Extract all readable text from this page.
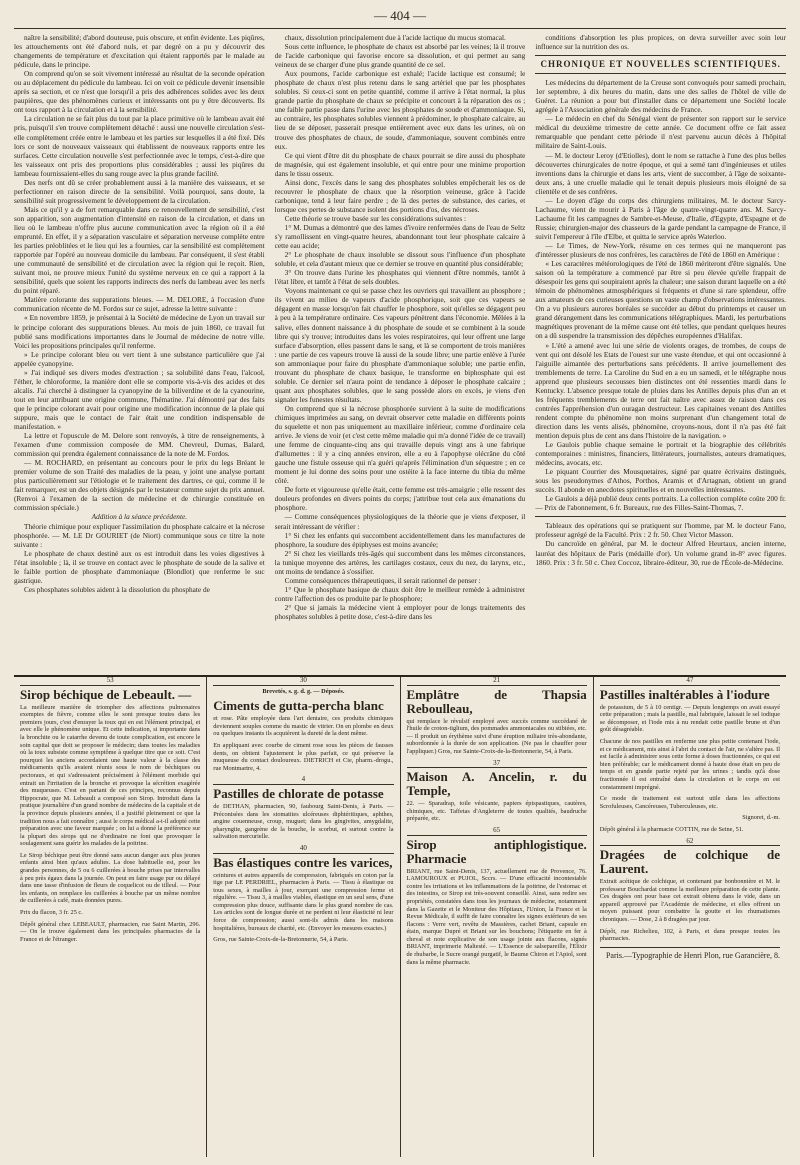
— 404 —

naître la sensibilité; d'abord douteuse, puis obscure, et enfin évidente. Les piqûres, les attouchements ont été d'abord nuls, et par degré on a pu y découvrir des changements de température et d'excitation qui étaient rapportés par le malade au pédicule, dans le principe.

On comprend qu'on se soit vivement intéressé au résultat de la seconde opération ou au déplacement du pédicule du lambeau. Ici on voit ce pédicule devenir insensible après sa section, et ce n'est que lorsqu'il a pris des adhérences solides avec les deux paupières, que des phénomènes curieux et intéressants ont pu y être découverts. Ils ont tous rapport à la circulation et à la sensibilité.

La circulation ne se fait plus du tout par la place primitive où le lambeau avait été pris, puisqu'il s'en trouve complètement détaché : aussi une nouvelle circulation s'est-elle complètement créée entre le lambeau et les parties sur lesquelles il a été fixé. Dès lors ce sont de nouveaux vaisseaux qui établissent de nouveaux rapports entre les surfaces. Cette circulation nouvelle s'est perfectionnée avec le temps, c'est-à-dire que les vaisseaux ont pris des proportions plus considérables ; aussi les piqûres du lambeau fournissaient-elles du sang rouge avec la plus grande facilité.

Des nerfs ont dû se créer probablement aussi à la manière des vaisseaux, et se perfectionner en raison directe de la sensibilité. Voilà pourquoi, sans doute, la sensibilité suit progressivement le développement de la circulation.

Mais ce qu'il y a de fort remarquable dans ce renouvellement de sensibilité, c'est son apparition, son augmentation d'intensité en raison de la circulation, et dans un lieu où le lambeau n'offre plus aucune communication avec la région où il a été emprunté. En effet, il y a séparation vasculaire et séparation nerveuse complète entre les parties préoblitées et le lieu qui les a fournies, car la sensibilité est complètement rapportée par l'opéré au nouveau domicile du lambeau. Par conséquent, il s'est établi une communauté de sensibilité et de circulation avec la région qui le reçoit. Rien, suivant moi, ne prouve mieux l'unité du système nerveux en ce qui a rapport à la sensibilité, quels que soient les rapports indirects des nerfs du lambeau avec les nerfs du point réparé.

Matière colorante des suppurations bleues. — M. DELORE, à l'occasion d'une communication récente de M. Fordos sur ce sujet, adresse la lettre suivante :

« En novembre 1859, je présentai à la Société de médecine de Lyon un travail sur le principe colorant des suppurations bleues. Au mois de juin 1860, ce travail fut publié sans modifications importantes dans le Journal de médecine de notre ville. Voici les propositions principales qu'il renferme.

» Le principe colorant bleu ou vert tient à une substance particulière que j'ai appelée cyanopyine.

» J'ai indiqué ses divers modes d'extraction ; sa solubilité dans l'eau, l'alcool, l'éther, le chloroforme, la manière dont elle se comporte vis-à-vis des acides et des alcalis. J'ai cherché à distinguer la cyanopyine de la biliverdine et de la cyanourine, tout en leur attribuant une origine commune, l'hématine. J'ai démontré par des faits que le principe colorant avait pour origine une modification inconnue de la plaie qui suppure, mais que le contact de l'air était une condition indispensable de manifestation. »

La lettre et l'opuscule de M. Delore sont renvoyés, à titre de renseignements, à l'examen d'une commission composée de MM. Chevreul, Dumas, Balard, commission qui prendra également connaissance de la note de M. Fordos.

— M. ROCHARD, en présentant au concours pour le prix du legs Bréant le premier volume de son Traité des maladies de la peau, y joint une analyse portant plus particulièrement sur l'étiologie et le traitement des dartres, ce qui, comme il le fait remarquer, est un des objets désignés par le testateur comme sujet du prix annuel. (Renvoi à l'examen de la section de médecine et de chirurgie constituée en commission spéciale.)

Addition à la séance précédente.

Théorie chimique pour expliquer l'assimilation du phosphate calcaire et la nécrose phosphorée. — M. LE Dr GOURIET (de Niort) communique sous ce titre la note suivante :

Le phosphate de chaux destiné aux os est introduit dans les voies digestives à l'état insoluble ; là, il se trouve en contact avec le phosphate de soude de la salive et le faible portion de phosphate d'ammoniaque (Blondlot) que renferme le suc gastrique.

Ces phosphates solubles aident à la dissolution du phosphate de

chaux, dissolution principalement due à l'acide lactique du mucus stomacal.

Sous cette influence, le phosphate de chaux est absorbé par les veines; là il trouve de l'acide carbonique qui favorise encore sa dissolution, et qui permet au sang veineux de se charger d'une plus grande quantité de ce sel.

Aux poumons, l'acide carbonique est exhalé; l'acide lactique est consumé; le phosphate de chaux n'est plus retenu dans le sang artériel que par les phosphates solubles. Si ceux-ci sont en petite quantité, comme il arrive à l'état normal, la plus grande partie du phosphate de chaux se précipite et concourt à la réparation des os ; une faible partie passe dans l'urine avec les phosphates de soude et d'ammoniaque. Si, au contraire, les phosphates solubles viennent à prédominer, le phosphate calcaire, au lieu de se déposer, passerait presque entièrement avec eux dans les urines, où on trouve des phosphates de chaux, de soude, d'ammoniaque, souvent combinés entre eux.

Ce qui vient d'être dit du phosphate de chaux pourrait se dire aussi du phosphate de magnésie, qui est également insoluble, et qui entre pour une minime proportion dans le tissu osseux.

Ainsi donc, l'excès dans le sang des phosphates solubles empêcherait les os de recouvrer le phosphate de chaux que la résorption veineuse, grâce à l'acide carbonique, tend à leur faire perdre ; de là des pertes de substance, des caries, et lorsque ces pertes de substance isolent des portions d'os, des nécroses.

Cette théorie se trouve basée sur les considérations suivantes :

1° M. Dumas a démontré que des lames d'ivoire renfermées dans de l'eau de Seltz s'y ramollissent en vingt-quatre heures, abandonnant tout leur phosphate calcaire à cette eau acide;

2° Le phosphate de chaux insoluble se dissout sous l'influence d'un phosphate soluble, et cela d'autant mieux que ce dernier se trouve en quantité plus considérable;

3° On trouve dans l'urine les phosphates qui viennent d'être nommés, tantôt à l'état libre, et tantôt à l'état de sels doubles.

Voyons maintenant ce qui se passe chez les ouvriers qui travaillent au phosphore ; ils vivent au milieu de vapeurs d'acide phosphorique, soit que ces vapeurs se dégagent en masse lorsqu'on fait chauffer le phosphore, soit qu'elles se dégagent peu à peu à la température ordinaire. Ces vapeurs pénètrent dans l'économie. Mêlées à la salive, elles donnent naissance à du phosphate de soude et se combinent à la soude libre qui s'y trouve; introduites dans les voies respiratoires, qui leur offrent une large surface d'absorption, elles passent dans le sang, et là se comportent de trois manières : une partie de ces vapeurs trouve là aussi de la soude libre; une partie enlève à l'urée son ammoniaque pour faire du phosphate d'ammoniaque soluble; une partie enfin, trouvant du phosphate de chaux basique, le transforme en biphosphate qui est soluble. Ce dernier sel n'aura point de tendance à déposer le phosphate calcaire ; quant aux phosphates solubles, que le sang possède alors en excès, je viens d'en signaler les funestes résultats.

On comprend que si la nécrose phosphorée survient à la suite de modifications chimiques imprimées au sang, on devrait observer cette maladie en différents points du squelette et non pas uniquement au maxillaire inférieur, comme d'ordinaire cela arrive. Je viens de voir (et c'est cette même maladie qui m'a donné l'idée de ce travail) une femme de cinquante-cinq ans qui travaille depuis vingt ans à une fabrique d'allumettes : il y a cinq années environ, elle a eu à l'apophyse olécrâne du côté gauche une fistule osseuse qui n'a guéri qu'après l'élimination d'un séquestre ; en ce moment je lui donne des soins pour une ostéite à la face interne du tibia du même côté.

De forte et vigoureuse qu'elle était, cette femme est très-amaigrie ; elle ressent des douleurs profondes en divers points du corps; j'attribue tout cela aux émanations du phosphore.

— Comme conséquences physiologiques de la théorie que je viens d'exposer, il serait intéressant de vérifier :

1° Si chez les enfants qui succombent accidentellement dans les manufactures de phosphore, la soudure des épiphyses est moins avancée;

2° Si chez les vieillards très-âgés qui succombent dans les mêmes circonstances, la tunique moyenne des artères, les cartilages costaux, ceux du nez, du larynx, etc., ont moins de tendance à s'ossifier.

Comme conséquences thérapeutiques, il serait rationnel de penser :

1° Que le phosphate basique de chaux doit être le meilleur remède à administrer contre l'affection des os produite par le phosphore;

2° Que si jamais la médecine vient à employer pour de longs traitements des phosphates solubles à petite dose, c'est-à-dire dans les

conditions d'absorption les plus propices, on devra surveiller avec soin leur influence sur la nutrition des os.

CHRONIQUE ET NOUVELLES SCIENTIFIQUES.

Les médecins du département de la Creuse sont convoqués pour samedi prochain, 1er septembre, à dix heures du matin, dans une des salles de l'hôtel de ville de Guéret. La réunion a pour but d'installer dans ce département une Société locale agrégée à l'Association générale des médecins de France.

— Le médecin en chef du Sénégal vient de présenter son rapport sur le service médical du deuxième trimestre de cette année. Ce document offre ce fait assez remarquable que pendant cette période il n'est parvenu aucun décès à l'hôpital militaire de Saint-Louis.

— M. le docteur Leroy (d'Etiolles), dont le nom se rattache à l'une des plus belles découvertes chirurgicales de notre époque, et qui a semé tant d'ingénieuses et utiles inventions dans la chirurgie et dans les arts, vient de succomber, à l'âge de soixante-deux ans, à une cruelle maladie qui le tenait depuis plusieurs mois éloigné de sa clientèle et de ses confrères.

— Le doyen d'âge du corps des chirurgiens militaires, M. le docteur Sarcy-Lachaume, vient de mourir à Paris à l'âge de quatre-vingt-quatre ans. M. Sarcy-Lachaume fit les campagnes de Sambre-et-Meuse, d'Italie, d'Egypte, d'Espagne et de Russie; chirurgien-major des chasseurs de la garde pendant la campagne de France, il suivit l'empereur à l'île d'Elbe, et quitta le service après Waterloo.

— Le Times, de New-York, résume en ces termes qui ne manqueront pas d'intéresser plusieurs de nos confrères, les caractères de l'été de 1860 en Amérique :

« Les caractères météorologiques de l'été de 1860 mériteront d'être signalés. Une saison où la température a commencé par être si peu élevée qu'elle frappait de désespoir les gens qui soupiraient après la chaleur; une saison durant laquelle on a été témoin de phénomènes atmosphériques si fréquents et d'une si rare splendeur, offre aux amateurs de ces curieuses questions un vaste champ d'observations intéressantes. On a vu plusieurs aurores boréales se succéder au début du printemps et causer un grand dérangement dans les communications télégraphiques. Mardi, les perturbations magnétiques provenant de la même cause ont été telles, que pendant quelques heures on a dû suspendre la transmission des dépêches européennes d'Halifax.

» L'été a amené avec lui une série de violents orages, de trombes, de coups de vent qui ont désolé les Etats de l'ouest sur une vaste étendue, et qui ont occasionné à l'aiguille aimantée des perturbations sans précédents. Il arrive journellement des tremblements de terre. La Caroline du Sud en a eu un samedi, et le télégraphe nous apprend que plusieurs secousses bien distinctes ont été ressenties mardi dans le Kentucky. L'absence presque totale de pluies dans les Antilles depuis plus d'un an et les fréquents tremblements de terre ont fait naître avec assez de raison dans ces contrées l'appréhension d'un ouragan destructeur. Les capitaines venant des Antilles rendent compte du phénomène non moins surprenant d'un changement total de direction dans les vents alisés, phénomène, croyons-nous, dont il n'a pas été fait mention depuis plus de cent ans dans l'histoire de la navigation. »

Le Gaulois publie chaque semaine le portrait et la biographie des célébrités contemporaines : ministres, financiers, littérateurs, journalistes, auteurs dramatiques, médecins, avocats, etc.

Le piquant Courrier des Mousquetaires, signé par quatre écrivains distingués, sous les pseudonymes d'Athos, Porthos, Aramis et d'Artagnan, obtient un grand succès. Il abonde en anecdotes spirituelles et en nouvelles intéressantes.

Le Gaulois a déjà publié deux cents portraits. La collection complète coûte 200 fr. — Prix de l'abonnement, 6 fr. Bureaux, rue des Filles-Saint-Thomas, 7.

Tableaux des opérations qui se pratiquent sur l'homme, par M. le docteur Fano, professeur agrégé de la Faculté. Prix : 2 fr. 50. Chez Victor Masson.

Du cancroïde en général, par M. le docteur Alfred Heurtaux, ancien interne, lauréat des hôpitaux de Paris (médaille d'or). Un volume grand in-8° avec figures. 1860. Prix : 3 fr. 50 c. Chez Coccoz, libraire-éditeur, 30, rue de l'École-de-Médecine.

53
Sirop béchique de Lebeault. —

La meilleure manière de triompher des affections pulmonaires exemptes de fièvre, comme elles le sont presque toutes dans les premiers jours, c'est d'enrayer la toux qui en est l'élément principal, et avec elle le phénomène unique. Et cette indication, si importante dans la bronchite ou le catarrhe devenu de toute complication, est encore le soin capital que doit se proposer le médecin; dans toutes les maladies où la toux subsiste comme symptôme à quelque titre que ce soit. C'est pourquoi les anciens accordaient une haute valeur à la classe des médicaments qu'ils avaient réunis sous le nom de béchiques ou pectoraux, et qui s'adressaient précisément à l'élément morbide qui entrait un l'irritation de la bronche et provoque la sécrétion exagérée des muqueuses. C'est en partant de ces principes, reconnus depuis Hippocrate, que M. Lebeault a composé son Sirop. Introduit dans la pratique journalière d'un grand nombre de médecins de la capitale et de la province depuis plusieurs années, il a justifié pleinement ce que la tradition nous a fait connaître ; aussi le corps médical a-t-il adopté cette préparation avec une faveur marquée ; on lui a donné la préférence sur la plupart des sirops qui ne d'ordinaire ne font que provoquer le soulagement sans guérir les malades de la poitrine.

Le Sirop béchique peut être donné sans aucun danger aux plus jeunes enfants ainsi bien qu'aux adultes. La dose habituelle est, pour les grandes personnes, de 5 ou 6 cuillerées à bouche prises par intervalles à peu près égaux dans la journée. On peut en faire usage pur ou délayé dans une tasse d'infusion de fleurs de coquelicot ou de tilleul. — Pour les enfants, on remplace les cuillerées à bouche par un même nombre de cuillerées à café, mais données pures.

Prix du flacon, 3 fr. 25 c.

Dépôt général chez LEBEAULT, pharmacien, rue Saint Martin, 296. — On le trouve également dans les principales pharmacies de la France et de l'étranger.

30

Brevetés, s. g. d. g. — Déposés.

Ciments de gutta-percha blanc

et rose. Pâte employée dans l'art dentaire, ces produits chimiques deviennent souples comme du mastic de vitrier. On en plombe en deux ou quelques instants ils acquièrent la dureté de la dent même.

En appliquant avec courbe de ciment rose sous les pièces de fausses dents, on obtient l'ajustement le plus parfait, ce qui préserve la muqueuse du contact douloureux. DIETRICH et Cie, pharm.-drogu., rue Montmartre, 4.

4
Pastilles de chlorate de potasse

de DETHAN, pharmacien, 90, faubourg Saint-Denis, à Paris. — Préconisées dans les stomatites ulcéreuses diphtéritiques, aphthes, angine couenneuse, croup, muguet; dans les gingivites, amygdalite, pharyngite, gangrène de la bouche, le scorbut, et surtout contre la salivation mercurielle.

40
Bas élastiques contre les varices,

ceintures et autres appareils de compression, fabriqués en coton par la tige par LE PERDRIEL, pharmacien à Paris. — Tissu à élastique ou tous sexes, à mailles à jour, exerçant une compression ferme et régulière. — Tissu 3, à mailles viables, élastique en un seul sens, d'une compression plus douce, suffisante dans le plus grand nombre de cas. Les articles sont de longue durée et ne perdent ni leur élasticité ni leur force de compression; aussi sont-ils admis dans les maisons hospitalières, bureaux de charité, etc. (Envoyer les mesures exactes.)

Gros, rue Sainte-Croix-de-la-Bretonnerie, 54, à Paris.

21
Emplâtre de Thapsia Reboulleau,

qui remplace le révulsif employé avec succès comme succédané de l'huile de croton-tiglium, des pommades ammoniacales ou stibiées, etc. — Il produit un érythème suivi d'une éruption miliaire très-abondante, subordonnée à la durée de son application. (Ne pas le chauffer pour l'appliquer.) Gros, rue Sainte-Croix-de-la-Bretonnerie, 54, à Paris.

37
Maison A. Ancelin, r. du Temple,

22. — Sparadrap, toile vésicante, papiers épispastiques, cautères, chimiques, etc. Taffetas d'Angleterre de toutes qualités, baudruche préparée, etc.

65
Sirop antiphlogistique. Pharmacie

BRIANT, rue Saint-Denis, 137, actuellement rue de Provence, 76. LAMOUROUX et PUJOL, Sccrs. — D'une efficacité incontestable contre les irritations et les inflammations de la poitrine, de l'estomac et des intestins, ce Sirop est très-souvent conseillé. Ainsi, sans redire ses propriétés, constatées dans tous les journaux de médecine, notamment dans la Gazette et le Moniteur des Hôpitaux, l'Union, la France et la Revue Médicale, il suffit de faire connaître les signes extérieurs de ses flacons : Verre vert, revêtu de Massières, cachet Briant, capsule en étain, marque Dupré et Briant sur les bouchons; l'étiquette en fer à cheval et note explicative de son usage jointe aux flacons, signés BRIANT, imprimerie Maltesté. — L'Essence de salsepareille, l'Elixir de rhubarbe, le Sucre orangé purgatif, le Baume Chiron et l'Apiol, sont dans la même pharmacie.

47
Pastilles inaltérables à l'iodure

de potassium, de 5 à 10 centigr. — Depuis longtemps on avait essayé cette préparation ; mais la pastille, mal fabriquée, laissait le sel iodique se décomposer, et l'iode mis à nu rendait cette pastille brune et d'un goût désagréable.

Chacune de nos pastilles en renferme une plus petite contenant l'iode, et ce médicament, mis ainsi à l'abri du contact de l'air, ne s'altère pas. Il est facile à administrer sous cette forme à doses fractionnées, ce qui est bien préférable; car le médicament donné à haute dose était en peu de temps et en grande partie rejeté par les urines ; tandis qu'à dose fractionnée il est entraîné dans la circulation et le corps en est constamment imprégné.

Ce mode de traitement est surtout utile dans les affections Scrofuleuses, Cancéreuses, Tuberculeuses, etc.

Signoret, d.-m.

Dépôt général à la pharmacie COTTIN, rue de Seine, 51.

62
Dragées de colchique de Laurent.

Extrait acétique de colchique, et contenant par bonbonnière et M. le professeur Bouchardat comme la meilleure préparation de cette plante. Ces dragées ont pour base cet extrait obtenu dans le vide, dans un appareil approuvé par l'Académie de médecine, et elles offrent un moyen puissant pour combattre la goutte et les rhumatismes chroniques. — Dose, 2 à 8 dragées par jour.

Dépôt, rue Richelieu, 102, à Paris, et dans presque toutes les pharmacies.

Paris.—Typographie de Henri Plon, rue Garancière, 8.
